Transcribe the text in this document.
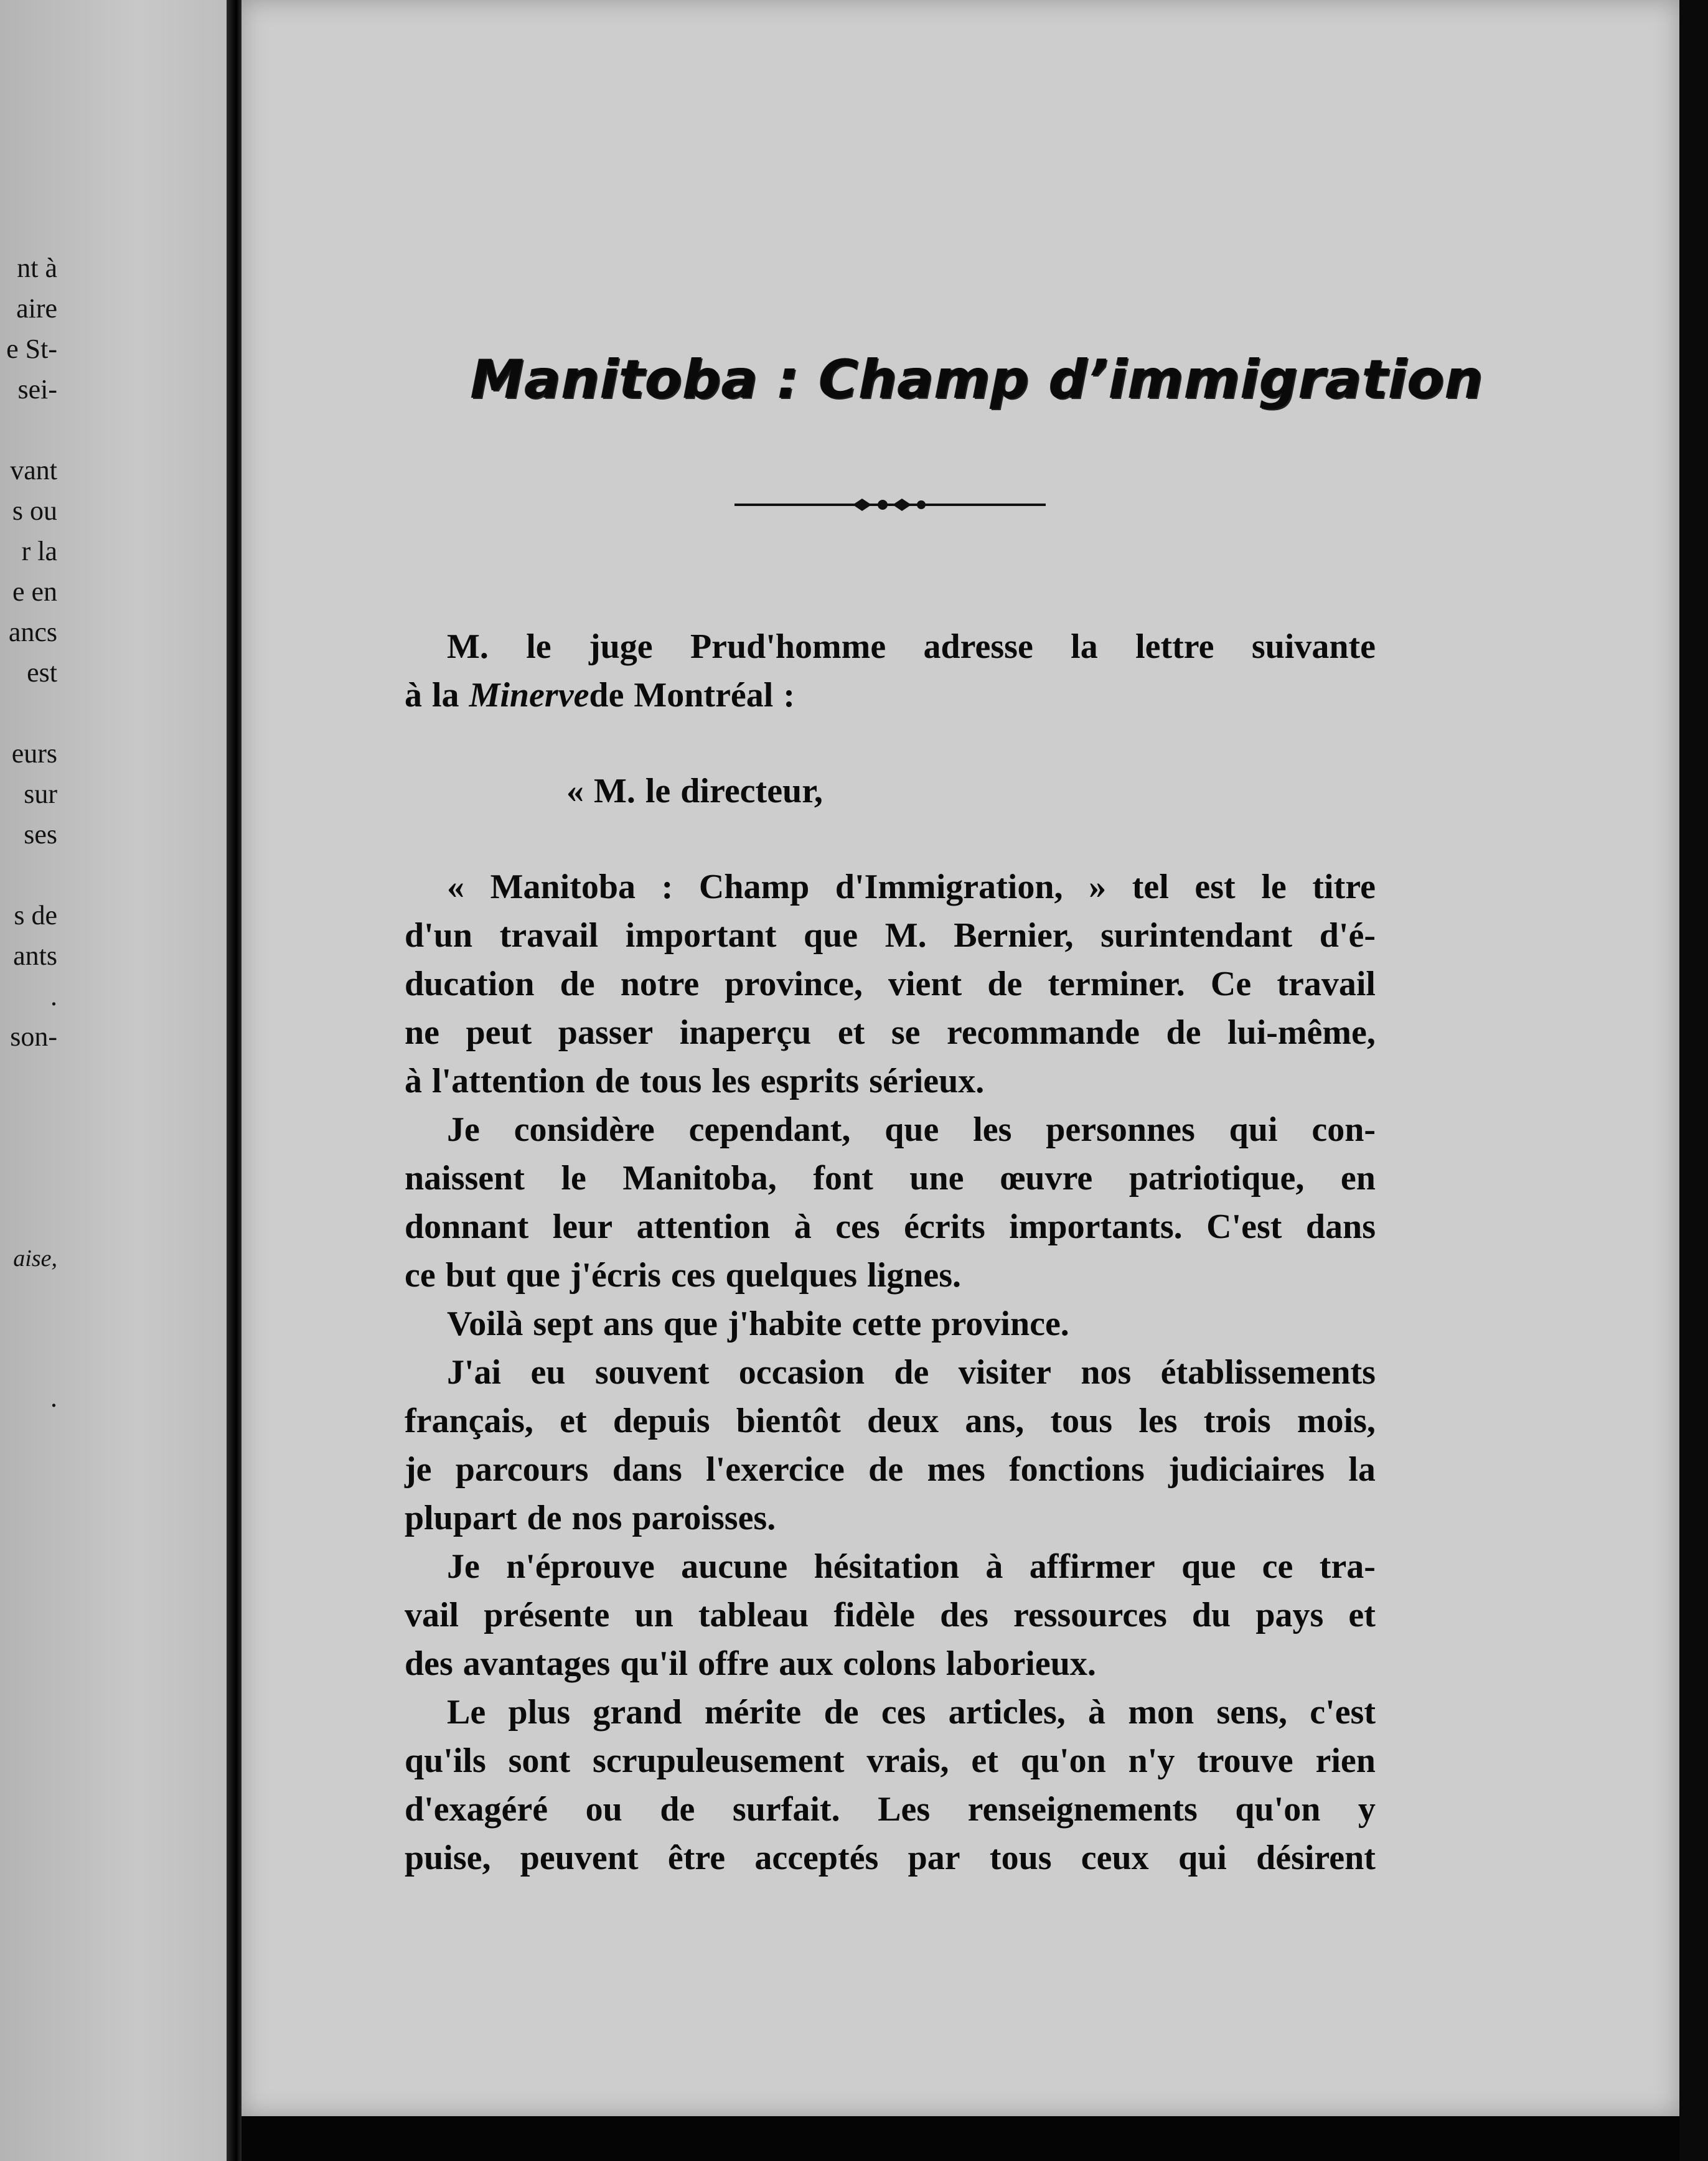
nt à
aire
e St-
sei-
vant
s ou
r la
e en
ancs
est
eurs
sur
ses
s de
ants
.
son-
aise,
.
Manitoba : Champ d’immigration
M. le juge Prud'homme adresse la lettre suivante
à la Minerve de Montréal :
« M. le directeur,
« Manitoba : Champ d'Immigration, » tel est le titre
d'un travail important que M. Bernier, surintendant d'é-
ducation de notre province, vient de terminer. Ce travail
ne peut passer inaperçu et se recommande de lui-même,
à l'attention de tous les esprits sérieux.
Je considère cependant, que les personnes qui con-
naissent le Manitoba, font une œuvre patriotique, en
donnant leur attention à ces écrits importants. C'est dans
ce but que j'écris ces quelques lignes.
Voilà sept ans que j'habite cette province.
J'ai eu souvent occasion de visiter nos établissements
français, et depuis bientôt deux ans, tous les trois mois,
je parcours dans l'exercice de mes fonctions judiciaires la
plupart de nos paroisses.
Je n'éprouve aucune hésitation à affirmer que ce tra-
vail présente un tableau fidèle des ressources du pays et
des avantages qu'il offre aux colons laborieux.
Le plus grand mérite de ces articles, à mon sens, c'est
qu'ils sont scrupuleusement vrais, et qu'on n'y trouve rien
d'exagéré ou de surfait. Les renseignements qu'on y
puise, peuvent être acceptés par tous ceux qui désirent
